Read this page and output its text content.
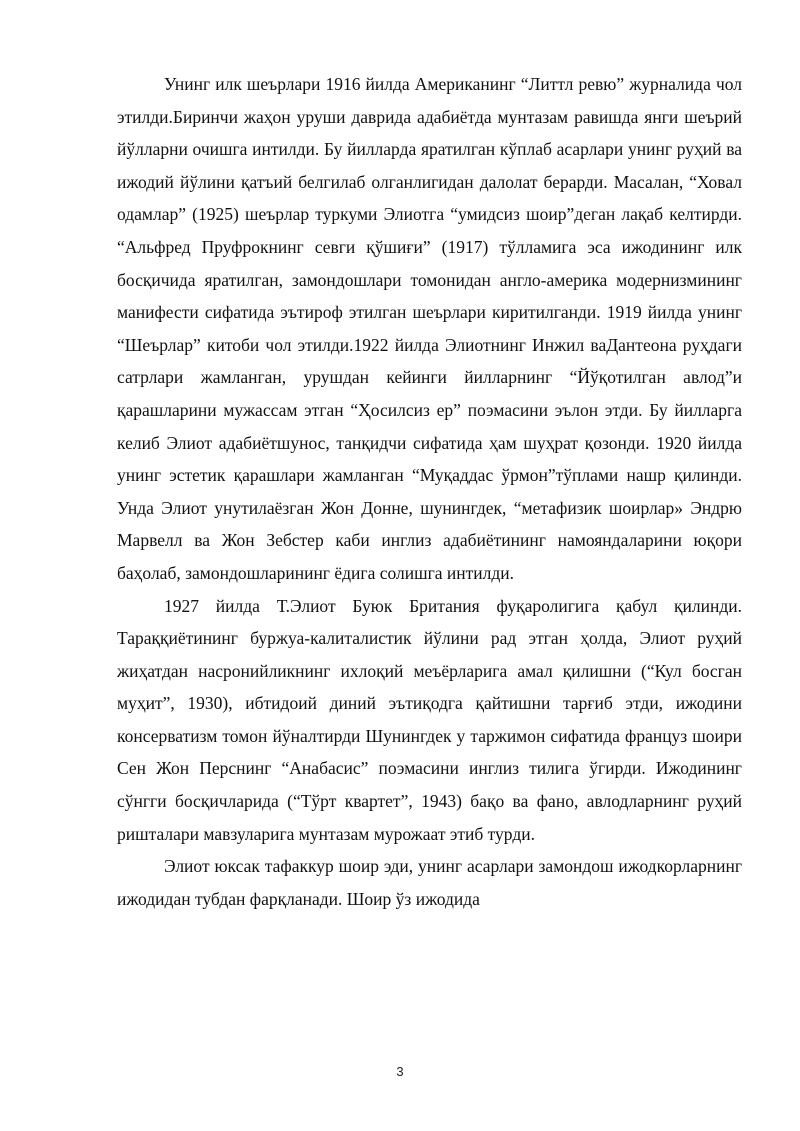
Унинг илк шеърлари 1916 йилда Американинг “Литтл ревю” журналида чол этилди.Биринчи жаҳон уруши даврида адабиётда мунтазам равишда янги шеърий йўлларни очишга интилди. Бу йилларда яратилган кўплаб асарлари унинг руҳий ва ижодий йўлини қатъий белгилаб олганлигидан далолат берарди. Масалан, “Ховал одамлар” (1925) шеърлар туркуми Элиотга “умидсиз шоир”деган лақаб келтирди. “Альфред Пруфрокнинг севги қўшиғи” (1917) тўлламига эса ижодининг илк босқичида яратилган, замондошлари томонидан англо-америка модернизмининг манифести сифатида эътироф этилган шеърлари киритилганди. 1919 йилда унинг “Шеърлар” китоби чол этилди.1922 йилда Элиотнинг Инжил ваДантеона руҳдаги сатрлари жамланган, урушдан кейинги йилларнинг “Йўқотилган авлод”и қарашларини мужассам этган “Ҳосилсиз ер” поэмасини эълон этди. Бу йилларга келиб Элиот адабиётшунос, танқидчи сифатида ҳам шуҳрат қозонди. 1920 йилда унинг эстетик қарашлари жамланган “Муқаддас ўрмон”тўплами нашр қилинди. Унда Элиот унутилаёзган Жон Донне, шунингдек, “метафизик шоирлар» Эндрю Марвелл ва Жон Зебстер каби инглиз адабиётининг намояндаларини юқори баҳолаб, замондошларининг ёдига солишга интилди.

1927 йилда Т.Элиот Буюк Британия фуқаролигига қабул қилинди. Тараққиётининг буржуа-калиталистик йўлини рад этган ҳолда, Элиот руҳий жиҳатдан насронийликнинг ихлоқий меъёрларига амал қилишни (“Кул босган муҳит”, 1930), ибтидоий диний эътиқодга қайтишни тарғиб этди, ижодини консерватизм томон йўналтирди Шунингдек у таржимон сифатида француз шоири Сен Жон Перснинг “Анабасис” поэмасини инглиз тилига ўгирди. Ижодининг сўнгги босқичларида (“Тўрт квартет”, 1943) бақо ва фано, авлодларнинг руҳий ришталари мавзуларига мунтазам мурожаат этиб турди.

Элиот юксак тафаккур шоир эди, унинг асарлари замондош ижодкорларнинг ижодидан тубдан фарқланади. Шоир ўз ижодида

3
